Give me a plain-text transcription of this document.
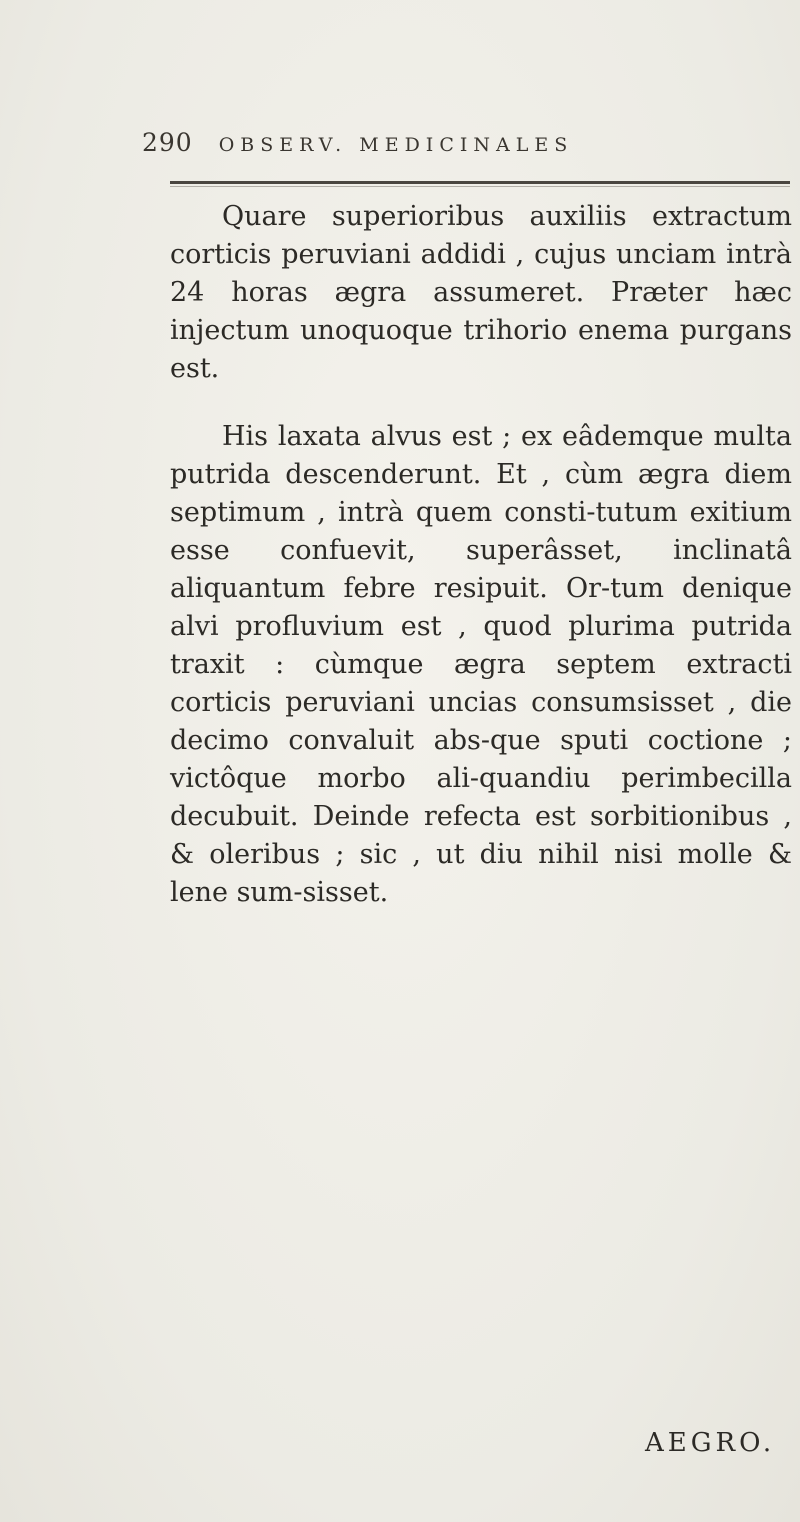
290 OBSERV. MEDICINALES

Quare superioribus auxiliis extractum corticis peruviani addidi , cujus unciam intrà 24 horas ægra assumeret. Præter hæc injectum unoquoque trihorio enema purgans est.

His laxata alvus est ; ex eâdemque multa putrida descenderunt. Et , cùm ægra diem septimum , intrà quem consti-tutum exitium esse confuevit, superâsset, inclinatâ aliquantum febre resipuit. Or-tum denique alvi profluvium est , quod plurima putrida traxit : cùmque ægra septem extracti corticis peruviani uncias consumsisset , die decimo convaluit abs-que sputi coctione ; victôque morbo ali-quandiu perimbecilla decubuit. Deinde refecta est sorbitionibus , & oleribus ; sic , ut diu nihil nisi molle & lene sum-sisset.

AEGRO.
